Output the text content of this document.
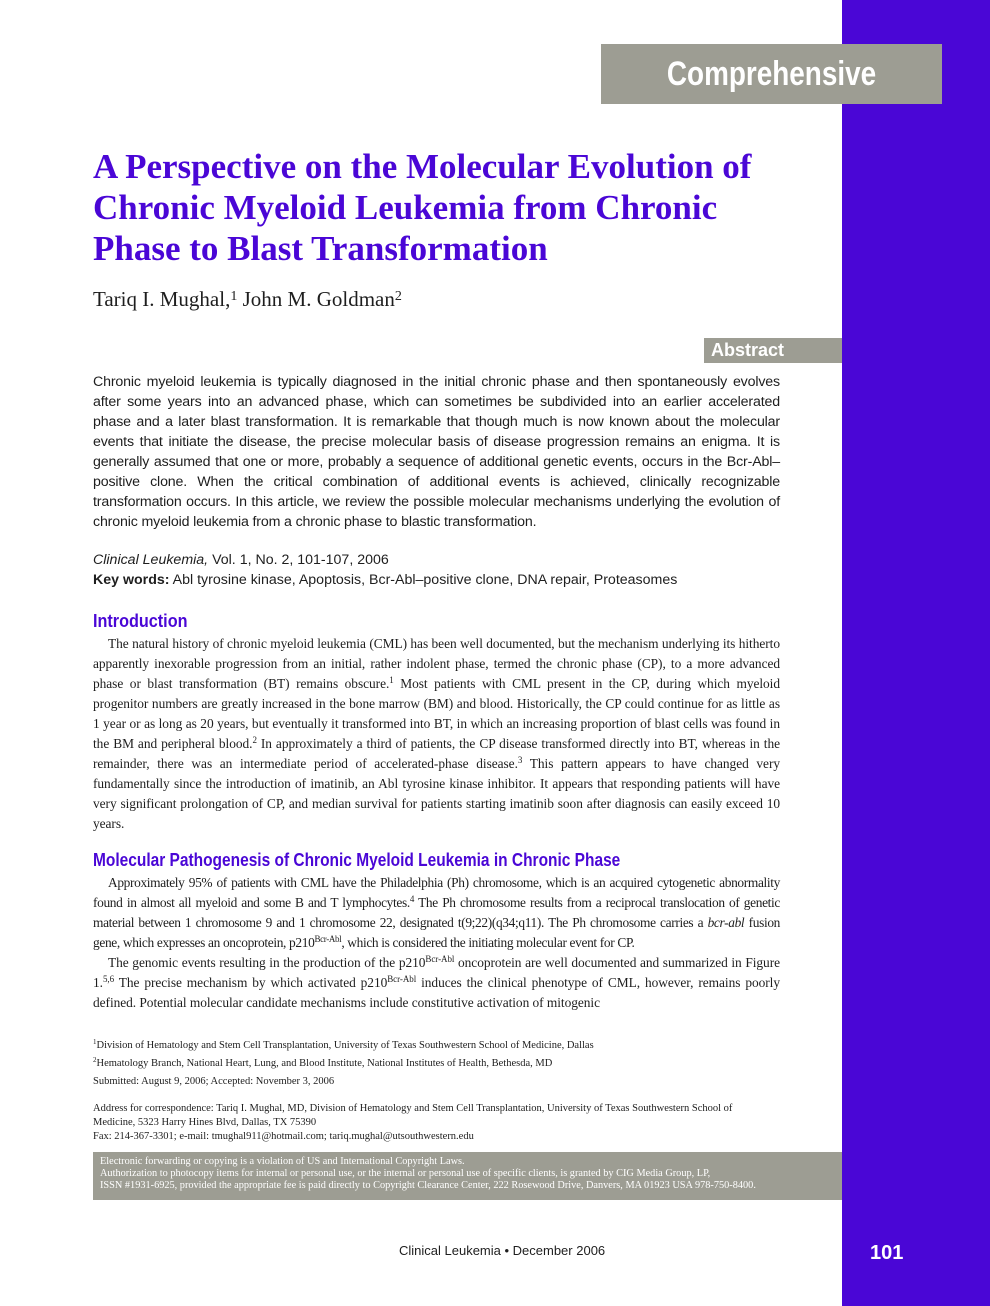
Comprehensive Review
A Perspective on the Molecular Evolution of Chronic Myeloid Leukemia from Chronic Phase to Blast Transformation
Tariq I. Mughal,$^1$ John M. Goldman$^2$
Abstract

Chronic myeloid leukemia is typically diagnosed in the initial chronic phase and then spontaneously evolves after some years into an advanced phase, which can sometimes be subdivided into an earlier accelerated phase and a later blast transformation. It is remarkable that though much is now known about the molecular events that initiate the disease, the precise molecular basis of disease progression remains an enigma. It is generally assumed that one or more, probably a sequence of additional genetic events, occurs in the Bcr-Abl–positive clone. When the critical combination of additional events is achieved, clinically recognizable transformation occurs. In this article, we review the possible molecular mechanisms underlying the evolution of chronic myeloid leukemia from a chronic phase to blastic transformation.

Clinical Leukemia, Vol. 1, No. 2, 101-107, 2006
Key words: Abl tyrosine kinase, Apoptosis, Bcr-Abl–positive clone, DNA repair, Proteasomes
Introduction

The natural history of chronic myeloid leukemia (CML) has been well documented, but the mechanism underlying its hitherto apparently inexorable progression from an initial, rather indolent phase, termed the chronic phase (CP), to a more advanced phase or blast transformation (BT) remains obscure.$^1$ Most patients with CML present in the CP, during which myeloid progenitor numbers are greatly increased in the bone marrow (BM) and blood. Historically, the CP could continue for as little as 1 year or as long as 20 years, but eventually it transformed into BT, in which an increasing proportion of blast cells was found in the BM and peripheral blood.$^2$ In approximately a third of patients, the CP disease transformed directly into BT, whereas in the remainder, there was an intermediate period of accelerated-phase disease.$^3$ This pattern appears to have changed very fundamentally since the introduction of imatinib, an Abl tyrosine kinase inhibitor. It appears that responding patients will have very significant prolongation of CP, and median survival for patients starting imatinib soon after diagnosis can easily exceed 10 years.

Molecular Pathogenesis of Chronic Myeloid Leukemia in Chronic Phase

Approximately 95% of patients with CML have the Philadelphia (Ph) chromosome, which is an acquired cytogenetic abnormality found in almost all myeloid and some B and T lymphocytes.$^4$ The Ph chromosome results from a reciprocal translocation of genetic material between 1 chromosome 9 and 1 chromosome 22, designated t(9;22)(q34;q11). The Ph chromosome carries a bcr-abl fusion gene, which expresses an oncoprotein, $p210^{Bcr-Abl}$, which is considered the initiating molecular event for CP.

The genomic events resulting in the production of the $p210^{Bcr-Abl}$ oncoprotein are well documented and summarized in Figure 1.$^{5,6}$ The precise mechanism by which activated $p210^{Bcr-Abl}$ induces the clinical phenotype of CML, however, remains poorly defined. Potential molecular candidate mechanisms include constitutive activation of mitogenic

$^1$Division of Hematology and Stem Cell Transplantation, University of Texas Southwestern School of Medicine, Dallas

$^2$Hematology Branch, National Heart, Lung, and Blood Institute, National Institutes of Health, Bethesda, MD

Submitted: August 9, 2006; Accepted: November 3, 2006

Address for correspondence: Tariq I. Mughal, MD, Division of Hematology and Stem Cell Transplantation, University of Texas Southwestern School of Medicine, 5323 Harry Hines Blvd, Dallas, TX 75390

Fax: 214-367-3301; e-mail: tmughal911@hotmail.com; tariq.mughal@utsouthwestern.edu

Electronic forwarding or copying is a violation of US and International Copyright Laws.

Authorization to photocopy items for internal or personal use, or the internal or personal use of specific clients, is granted by CIG Media Group, LP,

ISSN #1931-6925, provided the appropriate fee is paid directly to Copyright Clearance Center, 222 Rosewood Drive, Danvers, MA 01923 USA 978-750-8400.

Clinical Leukemia • December 2006	101
